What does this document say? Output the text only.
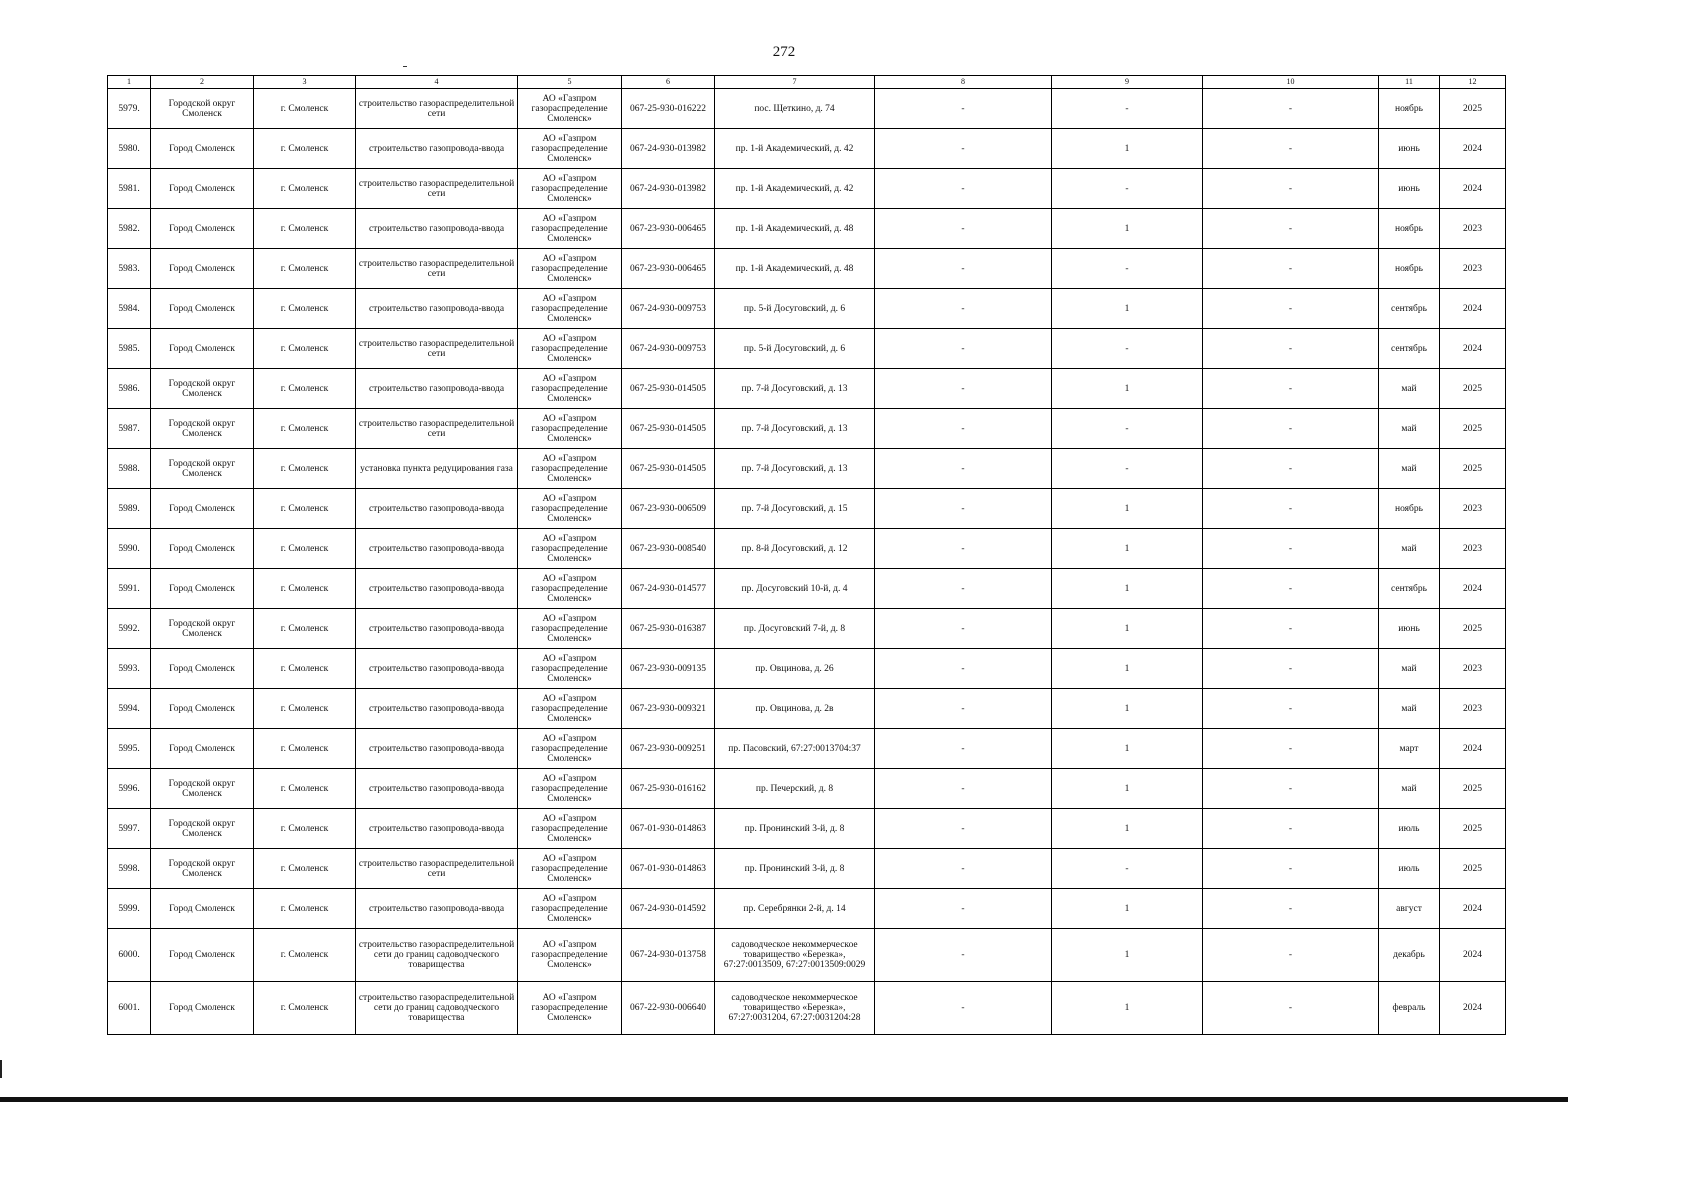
272
1	2	3	4	5	6	7	8	9	10	11	12
5979.	Городской округ Смоленск	г. Смоленск	строительство газораспределительной сети	АО «Газпром газораспределение Смоленск»	067-25-930-016222	пос. Щеткино, д. 74	-	-	-	ноябрь	2025
5980.	Город Смоленск	г. Смоленск	строительство газопровода-ввода	АО «Газпром газораспределение Смоленск»	067-24-930-013982	пр. 1-й Академический, д. 42	-	1	-	июнь	2024
5981.	Город Смоленск	г. Смоленск	строительство газораспределительной сети	АО «Газпром газораспределение Смоленск»	067-24-930-013982	пр. 1-й Академический, д. 42	-	-	-	июнь	2024
5982.	Город Смоленск	г. Смоленск	строительство газопровода-ввода	АО «Газпром газораспределение Смоленск»	067-23-930-006465	пр. 1-й Академический, д. 48	-	1	-	ноябрь	2023
5983.	Город Смоленск	г. Смоленск	строительство газораспределительной сети	АО «Газпром газораспределение Смоленск»	067-23-930-006465	пр. 1-й Академический, д. 48	-	-	-	ноябрь	2023
5984.	Город Смоленск	г. Смоленск	строительство газопровода-ввода	АО «Газпром газораспределение Смоленск»	067-24-930-009753	пр. 5-й Досуговский, д. 6	-	1	-	сентябрь	2024
5985.	Город Смоленск	г. Смоленск	строительство газораспределительной сети	АО «Газпром газораспределение Смоленск»	067-24-930-009753	пр. 5-й Досуговский, д. 6	-	-	-	сентябрь	2024
5986.	Городской округ Смоленск	г. Смоленск	строительство газопровода-ввода	АО «Газпром газораспределение Смоленск»	067-25-930-014505	пр. 7-й Досуговский, д. 13	-	1	-	май	2025
5987.	Городской округ Смоленск	г. Смоленск	строительство газораспределительной сети	АО «Газпром газораспределение Смоленск»	067-25-930-014505	пр. 7-й Досуговский, д. 13	-	-	-	май	2025
5988.	Городской округ Смоленск	г. Смоленск	установка пункта редуцирования газа	АО «Газпром газораспределение Смоленск»	067-25-930-014505	пр. 7-й Досуговский, д. 13	-	-	-	май	2025
5989.	Город Смоленск	г. Смоленск	строительство газопровода-ввода	АО «Газпром газораспределение Смоленск»	067-23-930-006509	пр. 7-й Досуговский, д. 15	-	1	-	ноябрь	2023
5990.	Город Смоленск	г. Смоленск	строительство газопровода-ввода	АО «Газпром газораспределение Смоленск»	067-23-930-008540	пр. 8-й Досуговский, д. 12	-	1	-	май	2023
5991.	Город Смоленск	г. Смоленск	строительство газопровода-ввода	АО «Газпром газораспределение Смоленск»	067-24-930-014577	пр. Досуговский 10-й, д. 4	-	1	-	сентябрь	2024
5992.	Городской округ Смоленск	г. Смоленск	строительство газопровода-ввода	АО «Газпром газораспределение Смоленск»	067-25-930-016387	пр. Досуговский 7-й, д. 8	-	1	-	июнь	2025
5993.	Город Смоленск	г. Смоленск	строительство газопровода-ввода	АО «Газпром газораспределение Смоленск»	067-23-930-009135	пр. Овцинова, д. 26	-	1	-	май	2023
5994.	Город Смоленск	г. Смоленск	строительство газопровода-ввода	АО «Газпром газораспределение Смоленск»	067-23-930-009321	пр. Овцинова, д. 2в	-	1	-	май	2023
5995.	Город Смоленск	г. Смоленск	строительство газопровода-ввода	АО «Газпром газораспределение Смоленск»	067-23-930-009251	пр. Пасовский, 67:27:0013704:37	-	1	-	март	2024
5996.	Городской округ Смоленск	г. Смоленск	строительство газопровода-ввода	АО «Газпром газораспределение Смоленск»	067-25-930-016162	пр. Печерский, д. 8	-	1	-	май	2025
5997.	Городской округ Смоленск	г. Смоленск	строительство газопровода-ввода	АО «Газпром газораспределение Смоленск»	067-01-930-014863	пр. Пронинский 3-й, д. 8	-	1	-	июль	2025
5998.	Городской округ Смоленск	г. Смоленск	строительство газораспределительной сети	АО «Газпром газораспределение Смоленск»	067-01-930-014863	пр. Пронинский 3-й, д. 8	-	-	-	июль	2025
5999.	Город Смоленск	г. Смоленск	строительство газопровода-ввода	АО «Газпром газораспределение Смоленск»	067-24-930-014592	пр. Серебрянки 2-й, д. 14	-	1	-	август	2024
6000.	Город Смоленск	г. Смоленск	строительство газораспределительной сети до границ садоводческого товарищества	АО «Газпром газораспределение Смоленск»	067-24-930-013758	садоводческое некоммерческое товарищество «Березка», 67:27:0013509, 67:27:0013509:0029	-	1	-	декабрь	2024
6001.	Город Смоленск	г. Смоленск	строительство газораспределительной сети до границ садоводческого товарищества	АО «Газпром газораспределение Смоленск»	067-22-930-006640	садоводческое некоммерческое товарищество «Березка», 67:27:0031204, 67:27:0031204:28	-	1	-	февраль	2024
